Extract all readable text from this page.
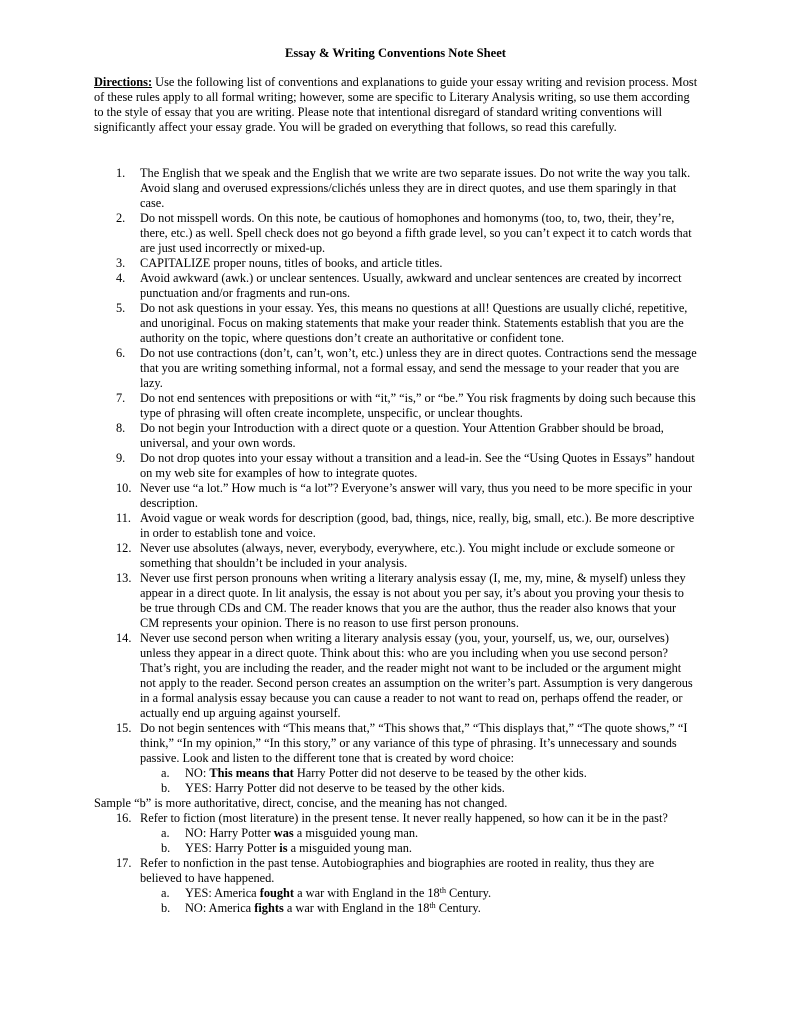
Essay & Writing Conventions Note Sheet
Directions: Use the following list of conventions and explanations to guide your essay writing and revision process. Most of these rules apply to all formal writing; however, some are specific to Literary Analysis writing, so use them according to the style of essay that you are writing. Please note that intentional disregard of standard writing conventions will significantly affect your essay grade. You will be graded on everything that follows, so read this carefully.
1.	The English that we speak and the English that we write are two separate issues. Do not write the way you talk. Avoid slang and overused expressions/clichés unless they are in direct quotes, and use them sparingly in that case.
2.	Do not misspell words. On this note, be cautious of homophones and homonyms (too, to, two, their, they’re, there, etc.) as well. Spell check does not go beyond a fifth grade level, so you can’t expect it to catch words that are just used incorrectly or mixed-up.
3.	CAPITALIZE proper nouns, titles of books, and article titles.
4.	Avoid awkward (awk.) or unclear sentences. Usually, awkward and unclear sentences are created by incorrect punctuation and/or fragments and run-ons.
5.	Do not ask questions in your essay. Yes, this means no questions at all! Questions are usually cliché, repetitive, and unoriginal. Focus on making statements that make your reader think. Statements establish that you are the authority on the topic, where questions don’t create an authoritative or confident tone.
6.	Do not use contractions (don’t, can’t, won’t, etc.) unless they are in direct quotes. Contractions send the message that you are writing something informal, not a formal essay, and send the message to your reader that you are lazy.
7.	Do not end sentences with prepositions or with “it,” “is,” or “be.” You risk fragments by doing such because this type of phrasing will often create incomplete, unspecific, or unclear thoughts.
8.	Do not begin your Introduction with a direct quote or a question. Your Attention Grabber should be broad, universal, and your own words.
9.	Do not drop quotes into your essay without a transition and a lead-in. See the “Using Quotes in Essays” handout on my web site for examples of how to integrate quotes.
10. Never use “a lot.” How much is “a lot”? Everyone’s answer will vary, thus you need to be more specific in your description.
11. Avoid vague or weak words for description (good, bad, things, nice, really, big, small, etc.). Be more descriptive in order to establish tone and voice.
12. Never use absolutes (always, never, everybody, everywhere, etc.). You might include or exclude someone or something that shouldn’t be included in your analysis.
13. Never use first person pronouns when writing a literary analysis essay (I, me, my, mine, & myself) unless they appear in a direct quote. In lit analysis, the essay is not about you per say, it’s about you proving your thesis to be true through CDs and CM. The reader knows that you are the author, thus the reader also knows that your CM represents your opinion. There is no reason to use first person pronouns.
14. Never use second person when writing a literary analysis essay (you, your, yourself, us, we, our, ourselves) unless they appear in a direct quote. Think about this: who are you including when you use second person? That’s right, you are including the reader, and the reader might not want to be included or the argument might not apply to the reader. Second person creates an assumption on the writer’s part. Assumption is very dangerous in a formal analysis essay because you can cause a reader to not want to read on, perhaps offend the reader, or actually end up arguing against yourself.
15. Do not begin sentences with “This means that,” “This shows that,” “This displays that,” “The quote shows,” “I think,” “In my opinion,” “In this story,” or any variance of this type of phrasing. It’s unnecessary and sounds passive. Look and listen to the different tone that is created by word choice:
a. NO: This means that Harry Potter did not deserve to be teased by the other kids.
b. YES: Harry Potter did not deserve to be teased by the other kids.
Sample “b” is more authoritative, direct, concise, and the meaning has not changed.
16. Refer to fiction (most literature) in the present tense. It never really happened, so how can it be in the past?
a. NO: Harry Potter was a misguided young man.
b. YES: Harry Potter is a misguided young man.
17. Refer to nonfiction in the past tense. Autobiographies and biographies are rooted in reality, thus they are believed to have happened.
a. YES: America fought a war with England in the 18th Century.
b. NO: America fights a war with England in the 18th Century.
